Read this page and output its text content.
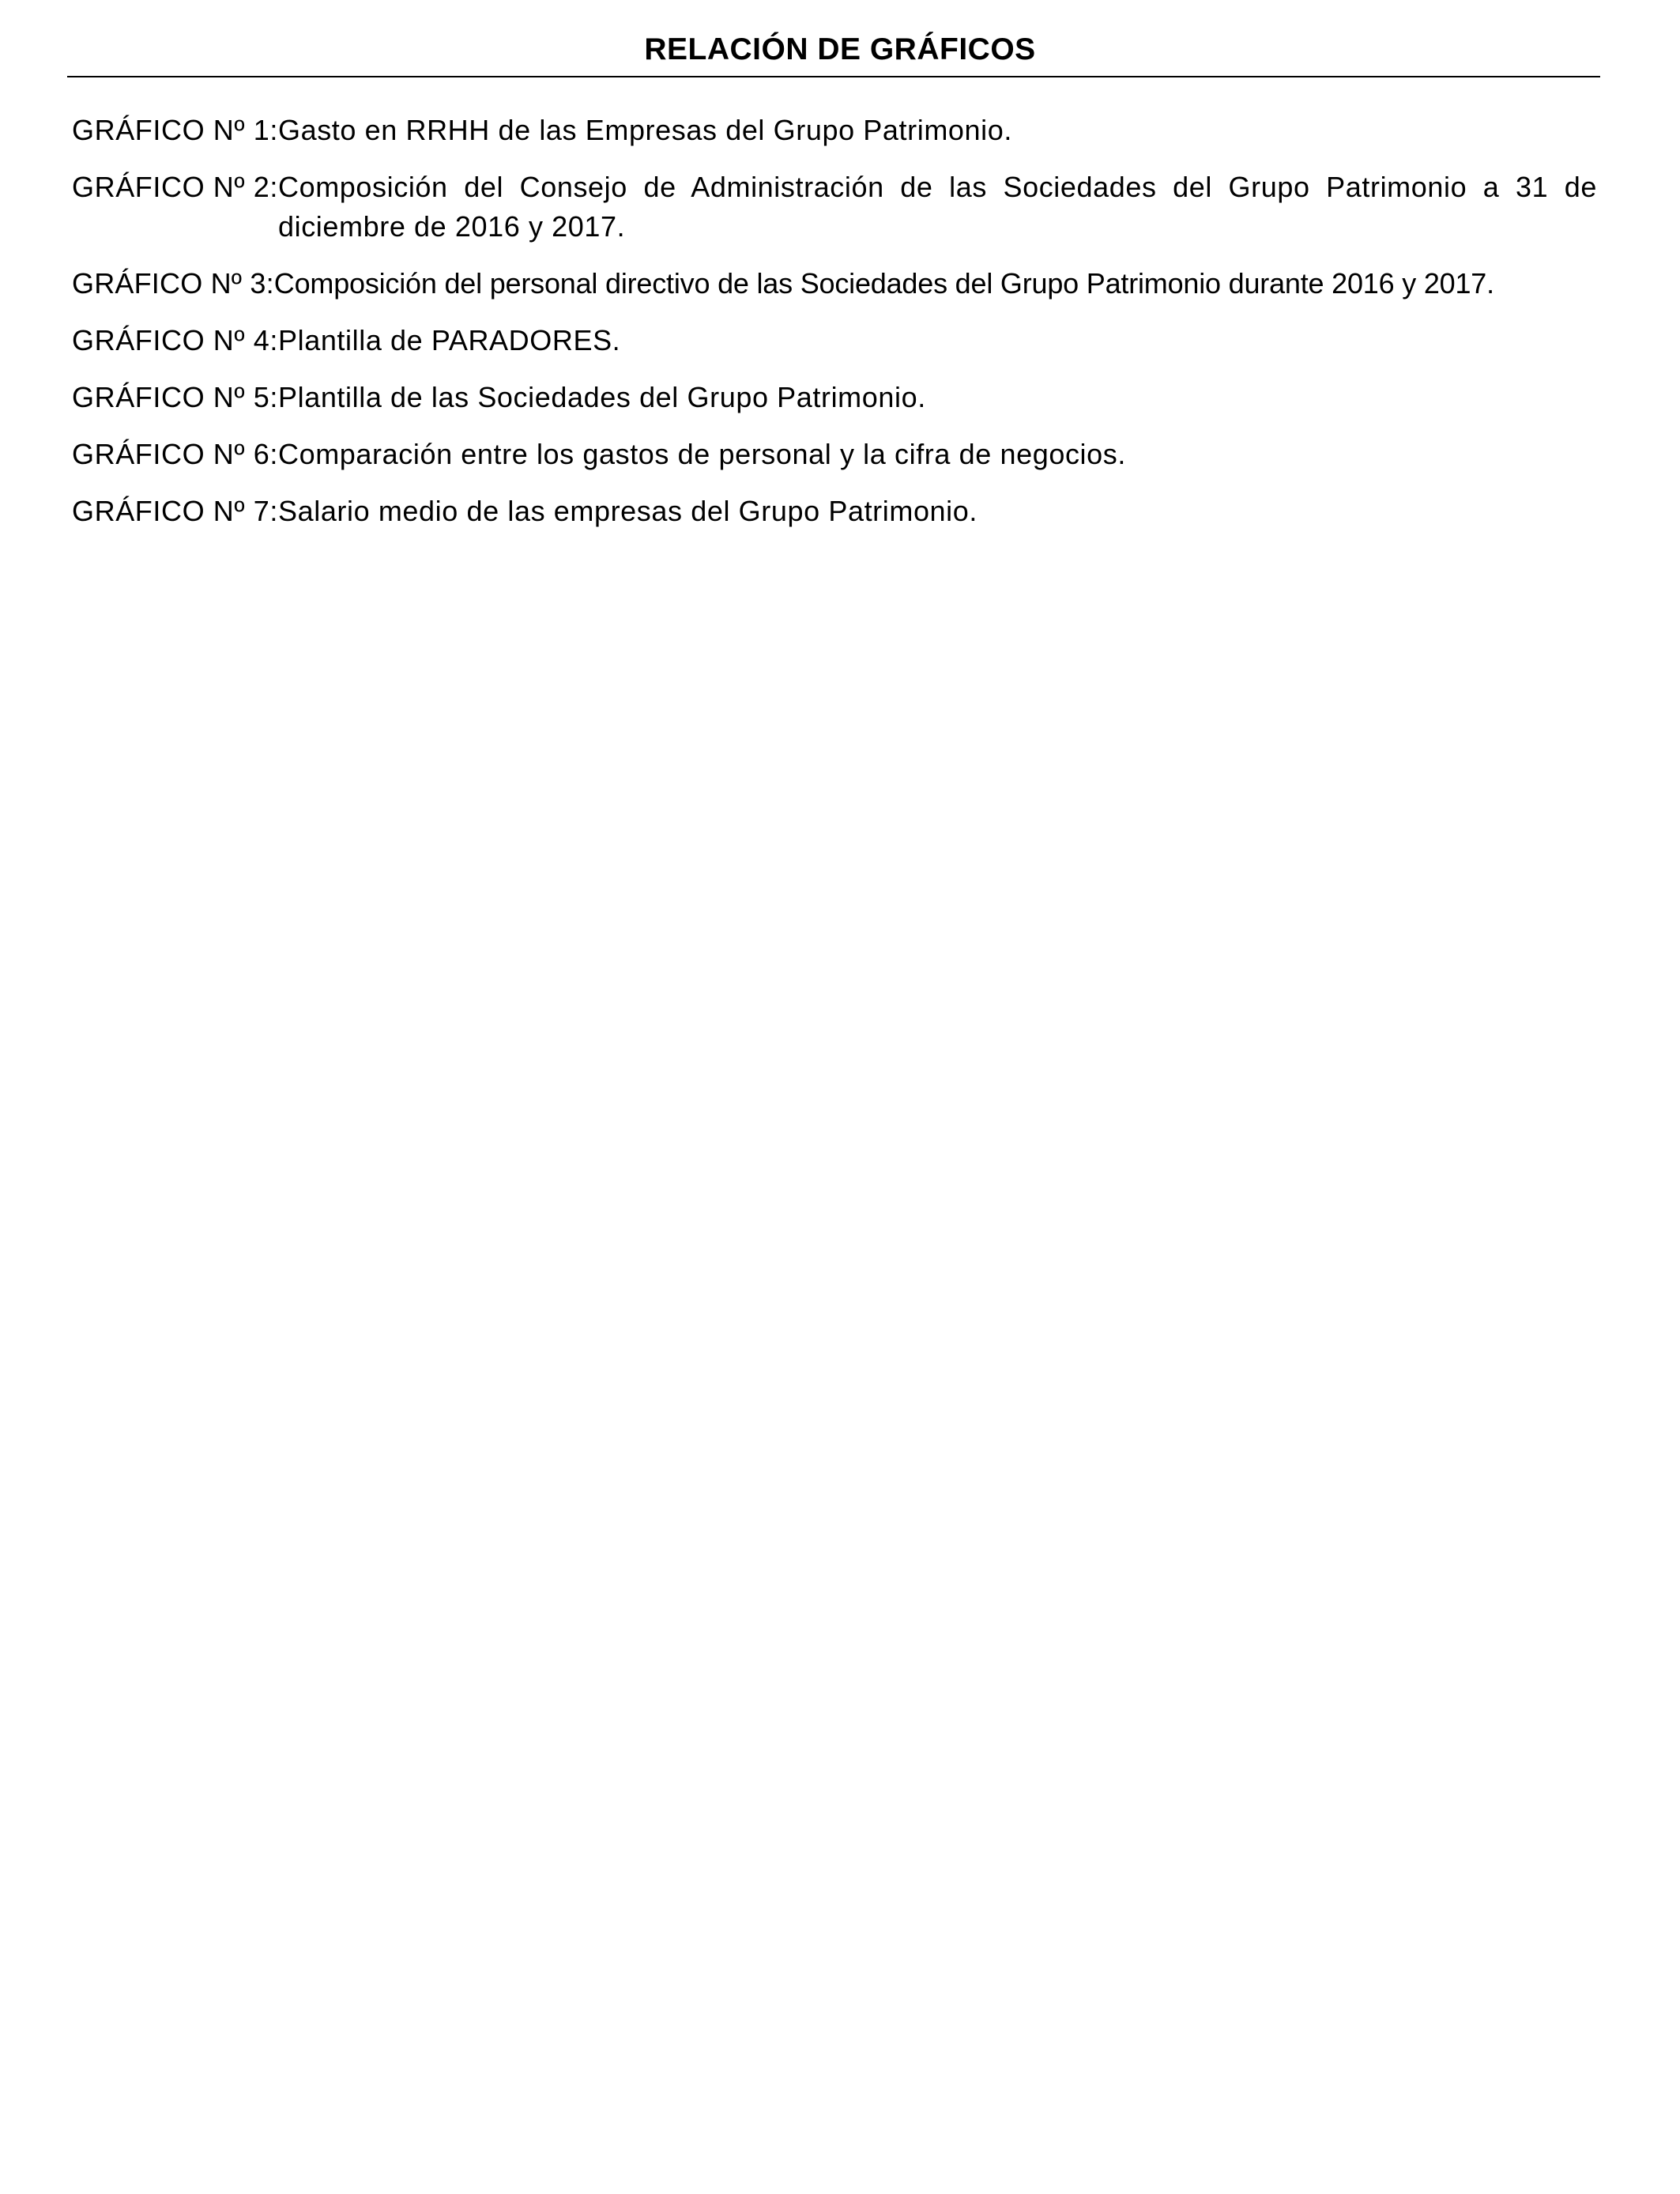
RELACIÓN DE GRÁFICOS
GRÁFICO Nº 1: Gasto en RRHH de las Empresas del Grupo Patrimonio.
GRÁFICO Nº 2: Composición del Consejo de Administración de las Sociedades del Grupo Patrimonio a 31 de diciembre de 2016 y 2017.
GRÁFICO Nº 3: Composición del personal directivo de las Sociedades del Grupo Patrimonio durante 2016 y 2017.
GRÁFICO Nº 4: Plantilla de PARADORES.
GRÁFICO Nº 5: Plantilla de las Sociedades del Grupo Patrimonio.
GRÁFICO Nº 6: Comparación entre los gastos de personal y la cifra de negocios.
GRÁFICO Nº 7: Salario medio de las empresas del Grupo Patrimonio.
